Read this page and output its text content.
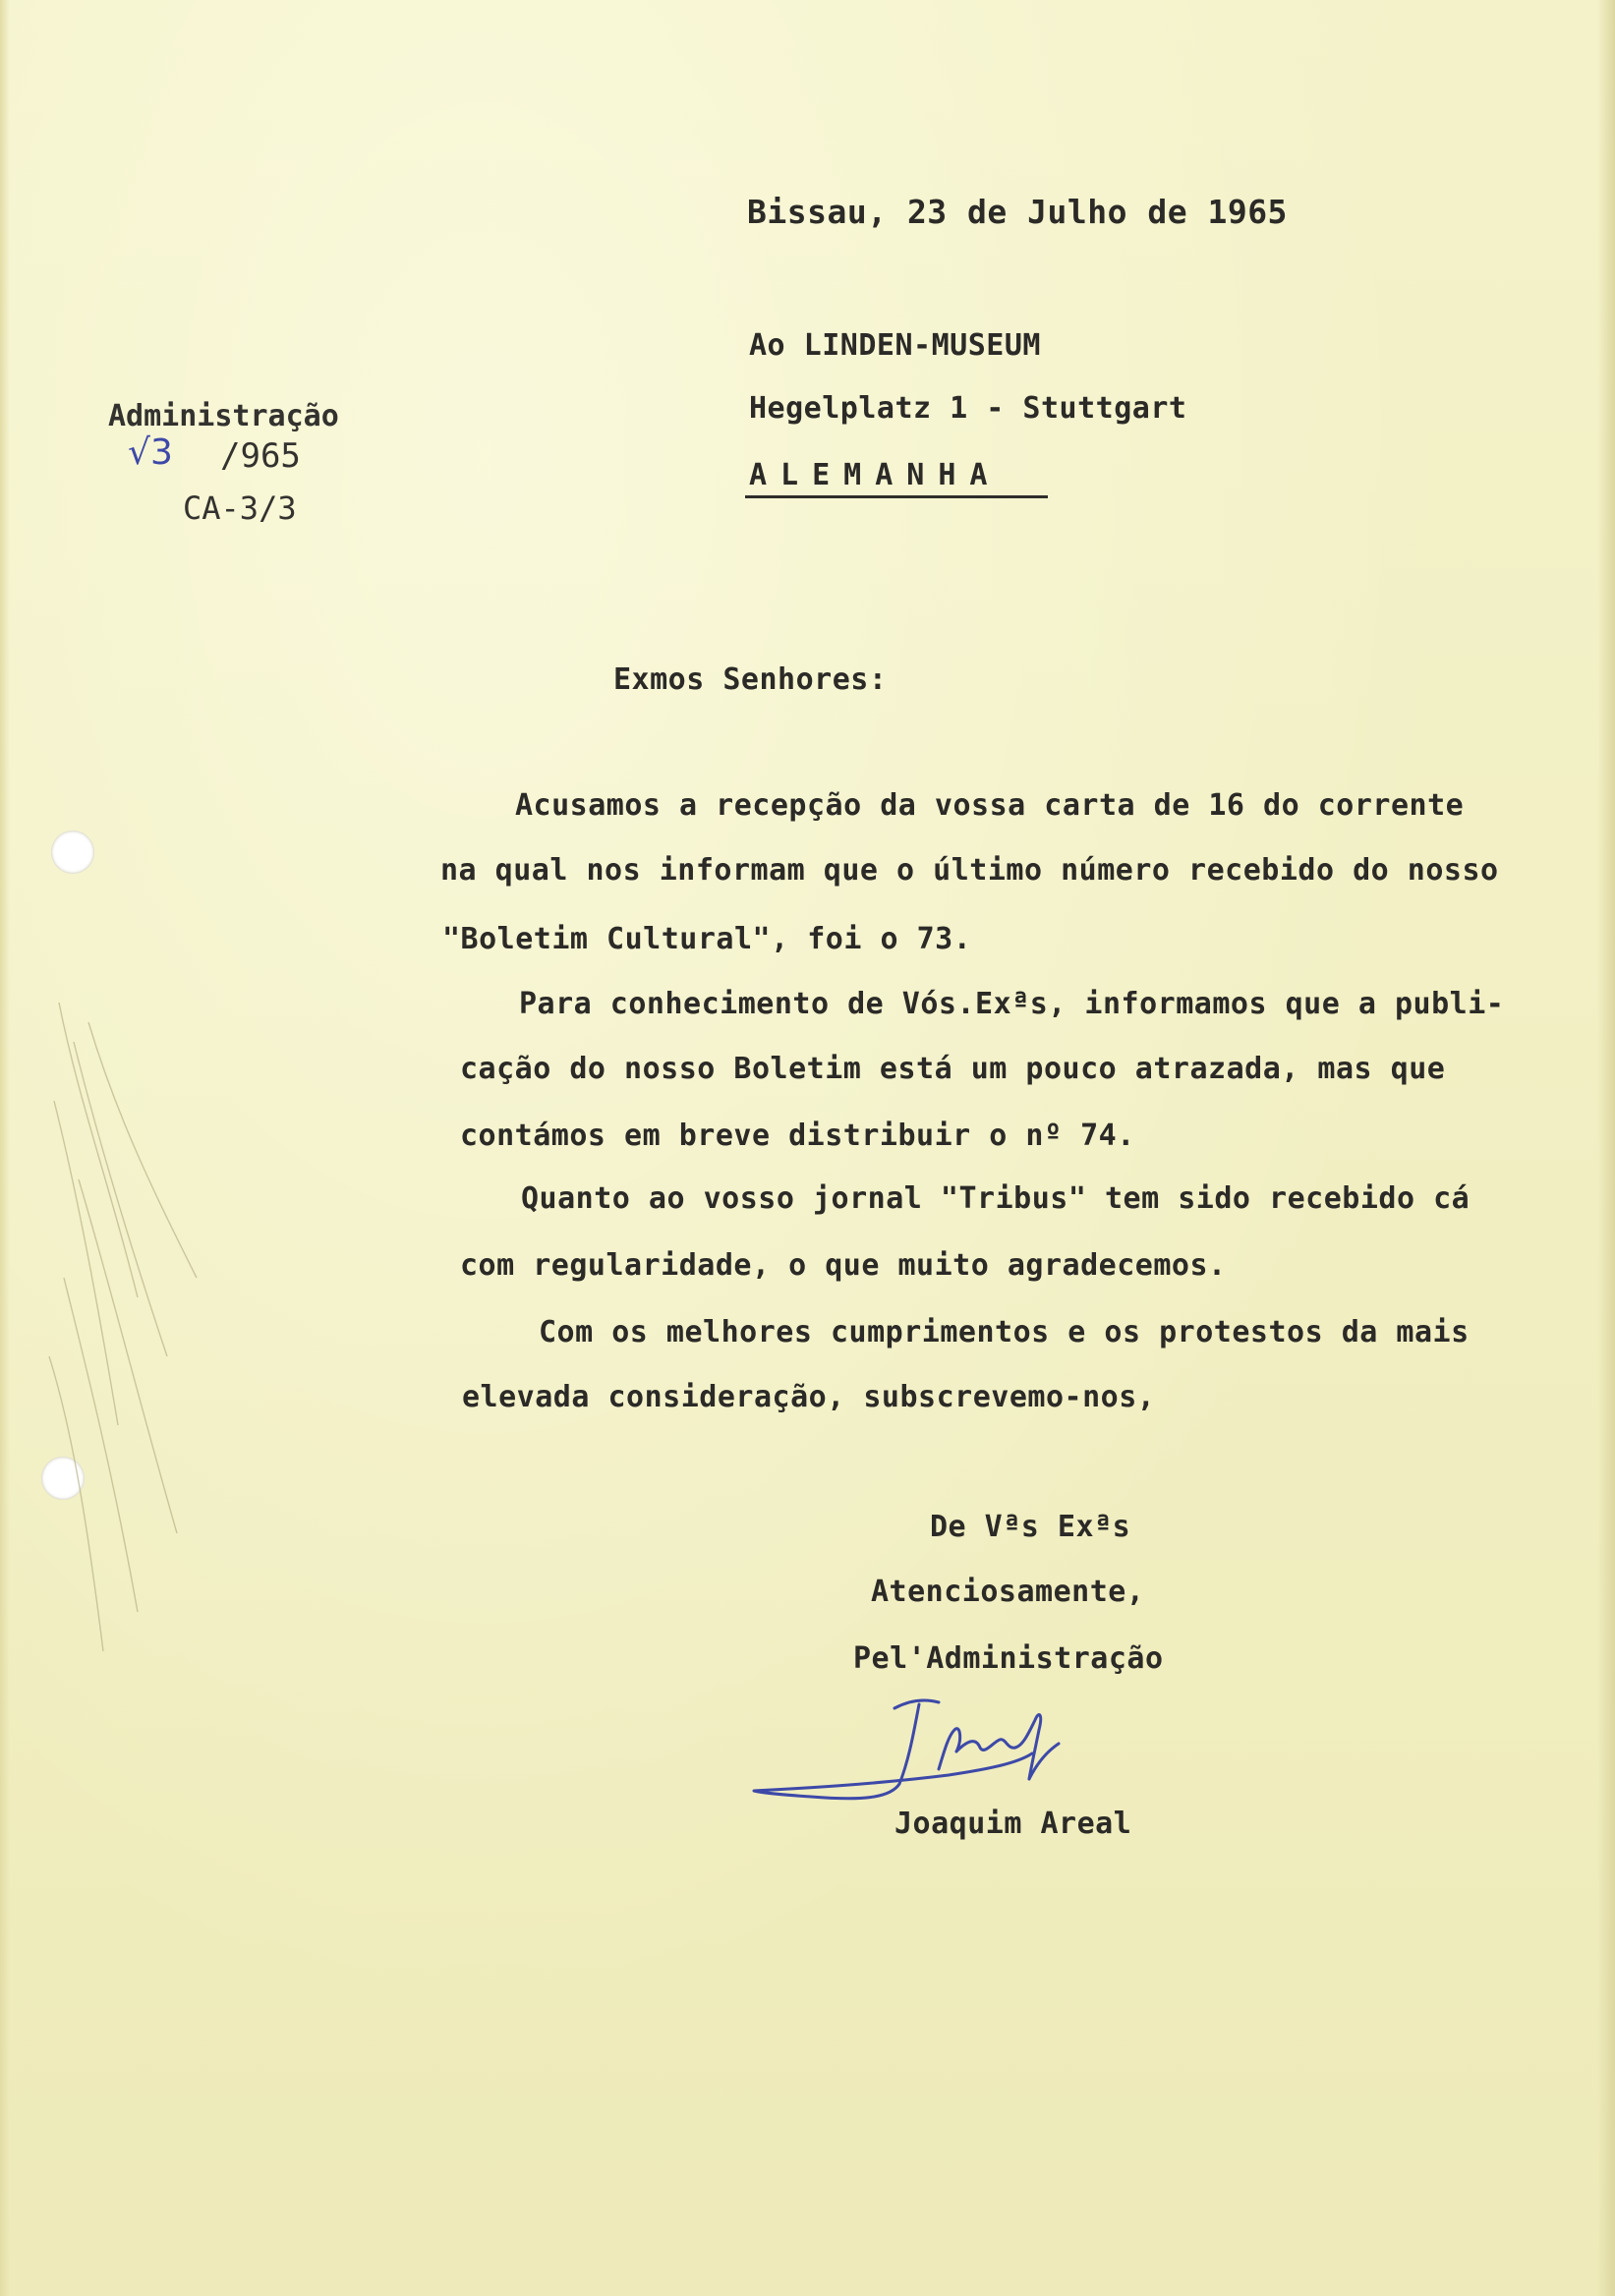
Bissau, 23 de Julho de 1965
Ao LINDEN-MUSEUM
Hegelplatz 1 - Stuttgart
ALEMANHA
Administração
√3 /965
CA-3/3
Exmos Senhores:
Acusamos a recepção da vossa carta de 16 do corrente
na qual nos informam que o último número recebido do nosso
"Boletim Cultural", foi o 73.
Para conhecimento de Vós.Exªs, informamos que a publi-
cação do nosso Boletim está um pouco atrazada, mas que
contámos em breve distribuir o nº 74.
Quanto ao vosso jornal "Tribus" tem sido recebido cá
com regularidade, o que muito agradecemos.
Com os melhores cumprimentos e os protestos da mais
elevada consideração, subscrevemo-nos,
De Vªs Exªs
Atenciosamente,
Pel'Administração
Joaquim Areal
